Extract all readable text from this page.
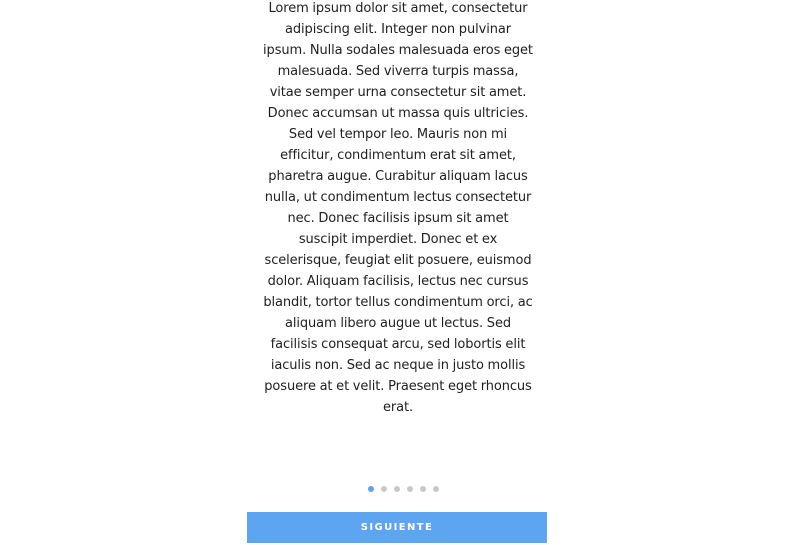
Lorem ipsum dolor sit amet, consectetur adipiscing elit. Integer non pulvinar ipsum. Nulla sodales malesuada eros eget malesuada. Sed viverra turpis massa, vitae semper urna consectetur sit amet. Donec accumsan ut massa quis ultricies. Sed vel tempor leo. Mauris non mi efficitur, condimentum erat sit amet, pharetra augue. Curabitur aliquam lacus nulla, ut condimentum lectus consectetur nec. Donec facilisis ipsum sit amet suscipit imperdiet. Donec et ex scelerisque, feugiat elit posuere, euismod dolor. Aliquam facilisis, lectus nec cursus blandit, tortor tellus condimentum orci, ac aliquam libero augue ut lectus. Sed facilisis consequat arcu, sed lobortis elit iaculis non. Sed ac neque in justo mollis posuere at et velit. Praesent eget rhoncus erat.
SIGUIENTE
